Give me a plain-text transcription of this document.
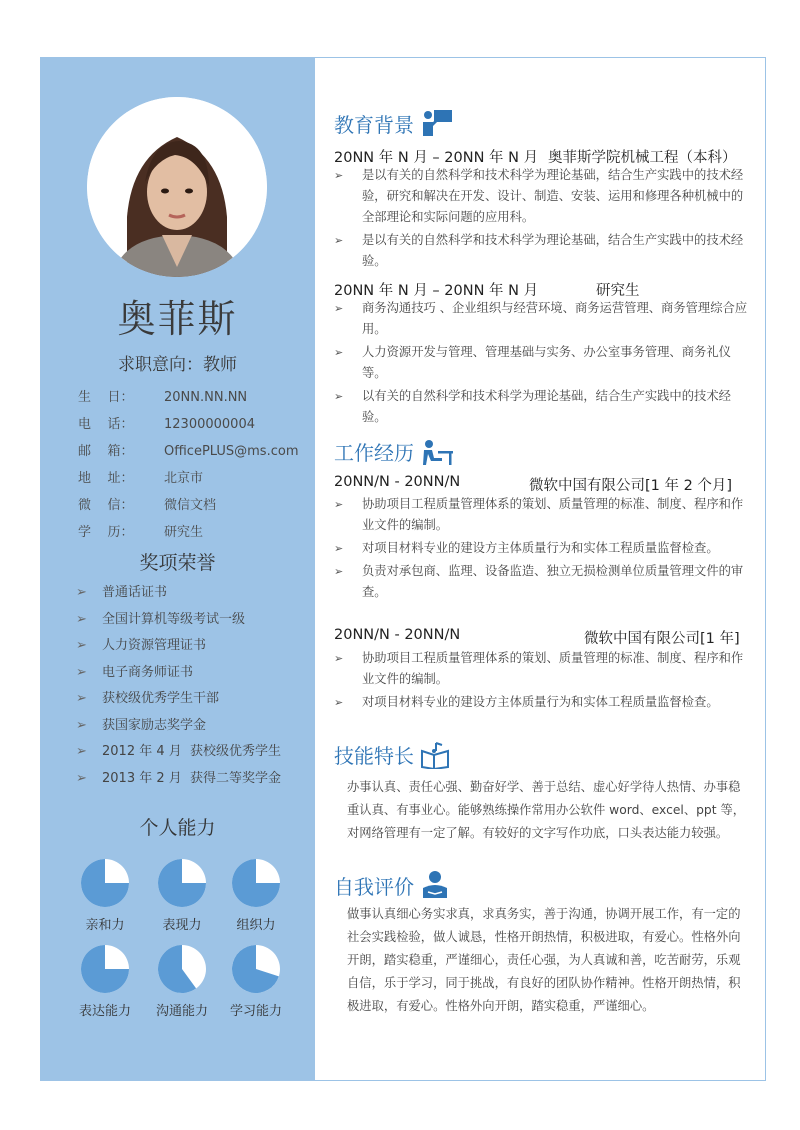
奥菲斯
求职意向：教师
生    日：	20NN.NN.NN
电    话：	12300000004
邮    箱：	OfficePLUS@ms.com
地    址：	北京市
微    信：	微信文档
学    历：	研究生
奖项荣誉
➢	普通话证书
➢	全国计算机等级考试一级
➢	人力资源管理证书
➢	电子商务师证书
➢	获校级优秀学生干部
➢	获国家励志奖学金
➢	2012 年 4 月  获校级优秀学生
➢	2013 年 2 月  获得二等奖学金
个人能力
亲和力	表现力	组织力
表达能力	沟通能力	学习能力
教育背景
20NN 年 N 月 – 20NN 年 N 月 奥菲斯学院机械工程（本科）
➢	是以有关的自然科学和技术科学为理论基础，结合生产实践中的技术经验，研究和解决在开发、设计、制造、安装、运用和修理各种机械中的全部理论和实际问题的应用科。
➢	是以有关的自然科学和技术科学为理论基础，结合生产实践中的技术经验。
20NN 年 N 月 – 20NN 年 N 月	研究生
➢	商务沟通技巧 、企业组织与经营环境、商务运营管理、商务管理综合应用。
➢	人力资源开发与管理、管理基础与实务、办公室事务管理、商务礼仪等。
➢	以有关的自然科学和技术科学为理论基础，结合生产实践中的技术经验。
工作经历
20NN/N - 20NN/N	微软中国有限公司[1 年 2 个月]
➢	协助项目工程质量管理体系的策划、质量管理的标准、制度、程序和作业文件的编制。
➢	对项目材料专业的建设方主体质量行为和实体工程质量监督检查。
➢	负责对承包商、监理、设备监造、独立无损检测单位质量管理文件的审查。
20NN/N - 20NN/N	微软中国有限公司[1 年]
➢	协助项目工程质量管理体系的策划、质量管理的标准、制度、程序和作业文件的编制。
➢	对项目材料专业的建设方主体质量行为和实体工程质量监督检查。
技能特长
办事认真、责任心强、勤奋好学、善于总结、虚心好学待人热情、办事稳重认真、有事业心。能够熟练操作常用办公软件 word、excel、ppt 等，对网络管理有一定了解。有较好的文字写作功底，口头表达能力较强。
自我评价
做事认真细心务实求真，求真务实，善于沟通，协调开展工作，有一定的社会实践检验，做人诚恳，性格开朗热情，积极进取，有爱心。性格外向开朗，踏实稳重，严谨细心，责任心强，为人真诚和善，吃苦耐劳，乐观自信，乐于学习，同于挑战，有良好的团队协作精神。性格开朗热情，积极进取，有爱心。性格外向开朗，踏实稳重，严谨细心。
